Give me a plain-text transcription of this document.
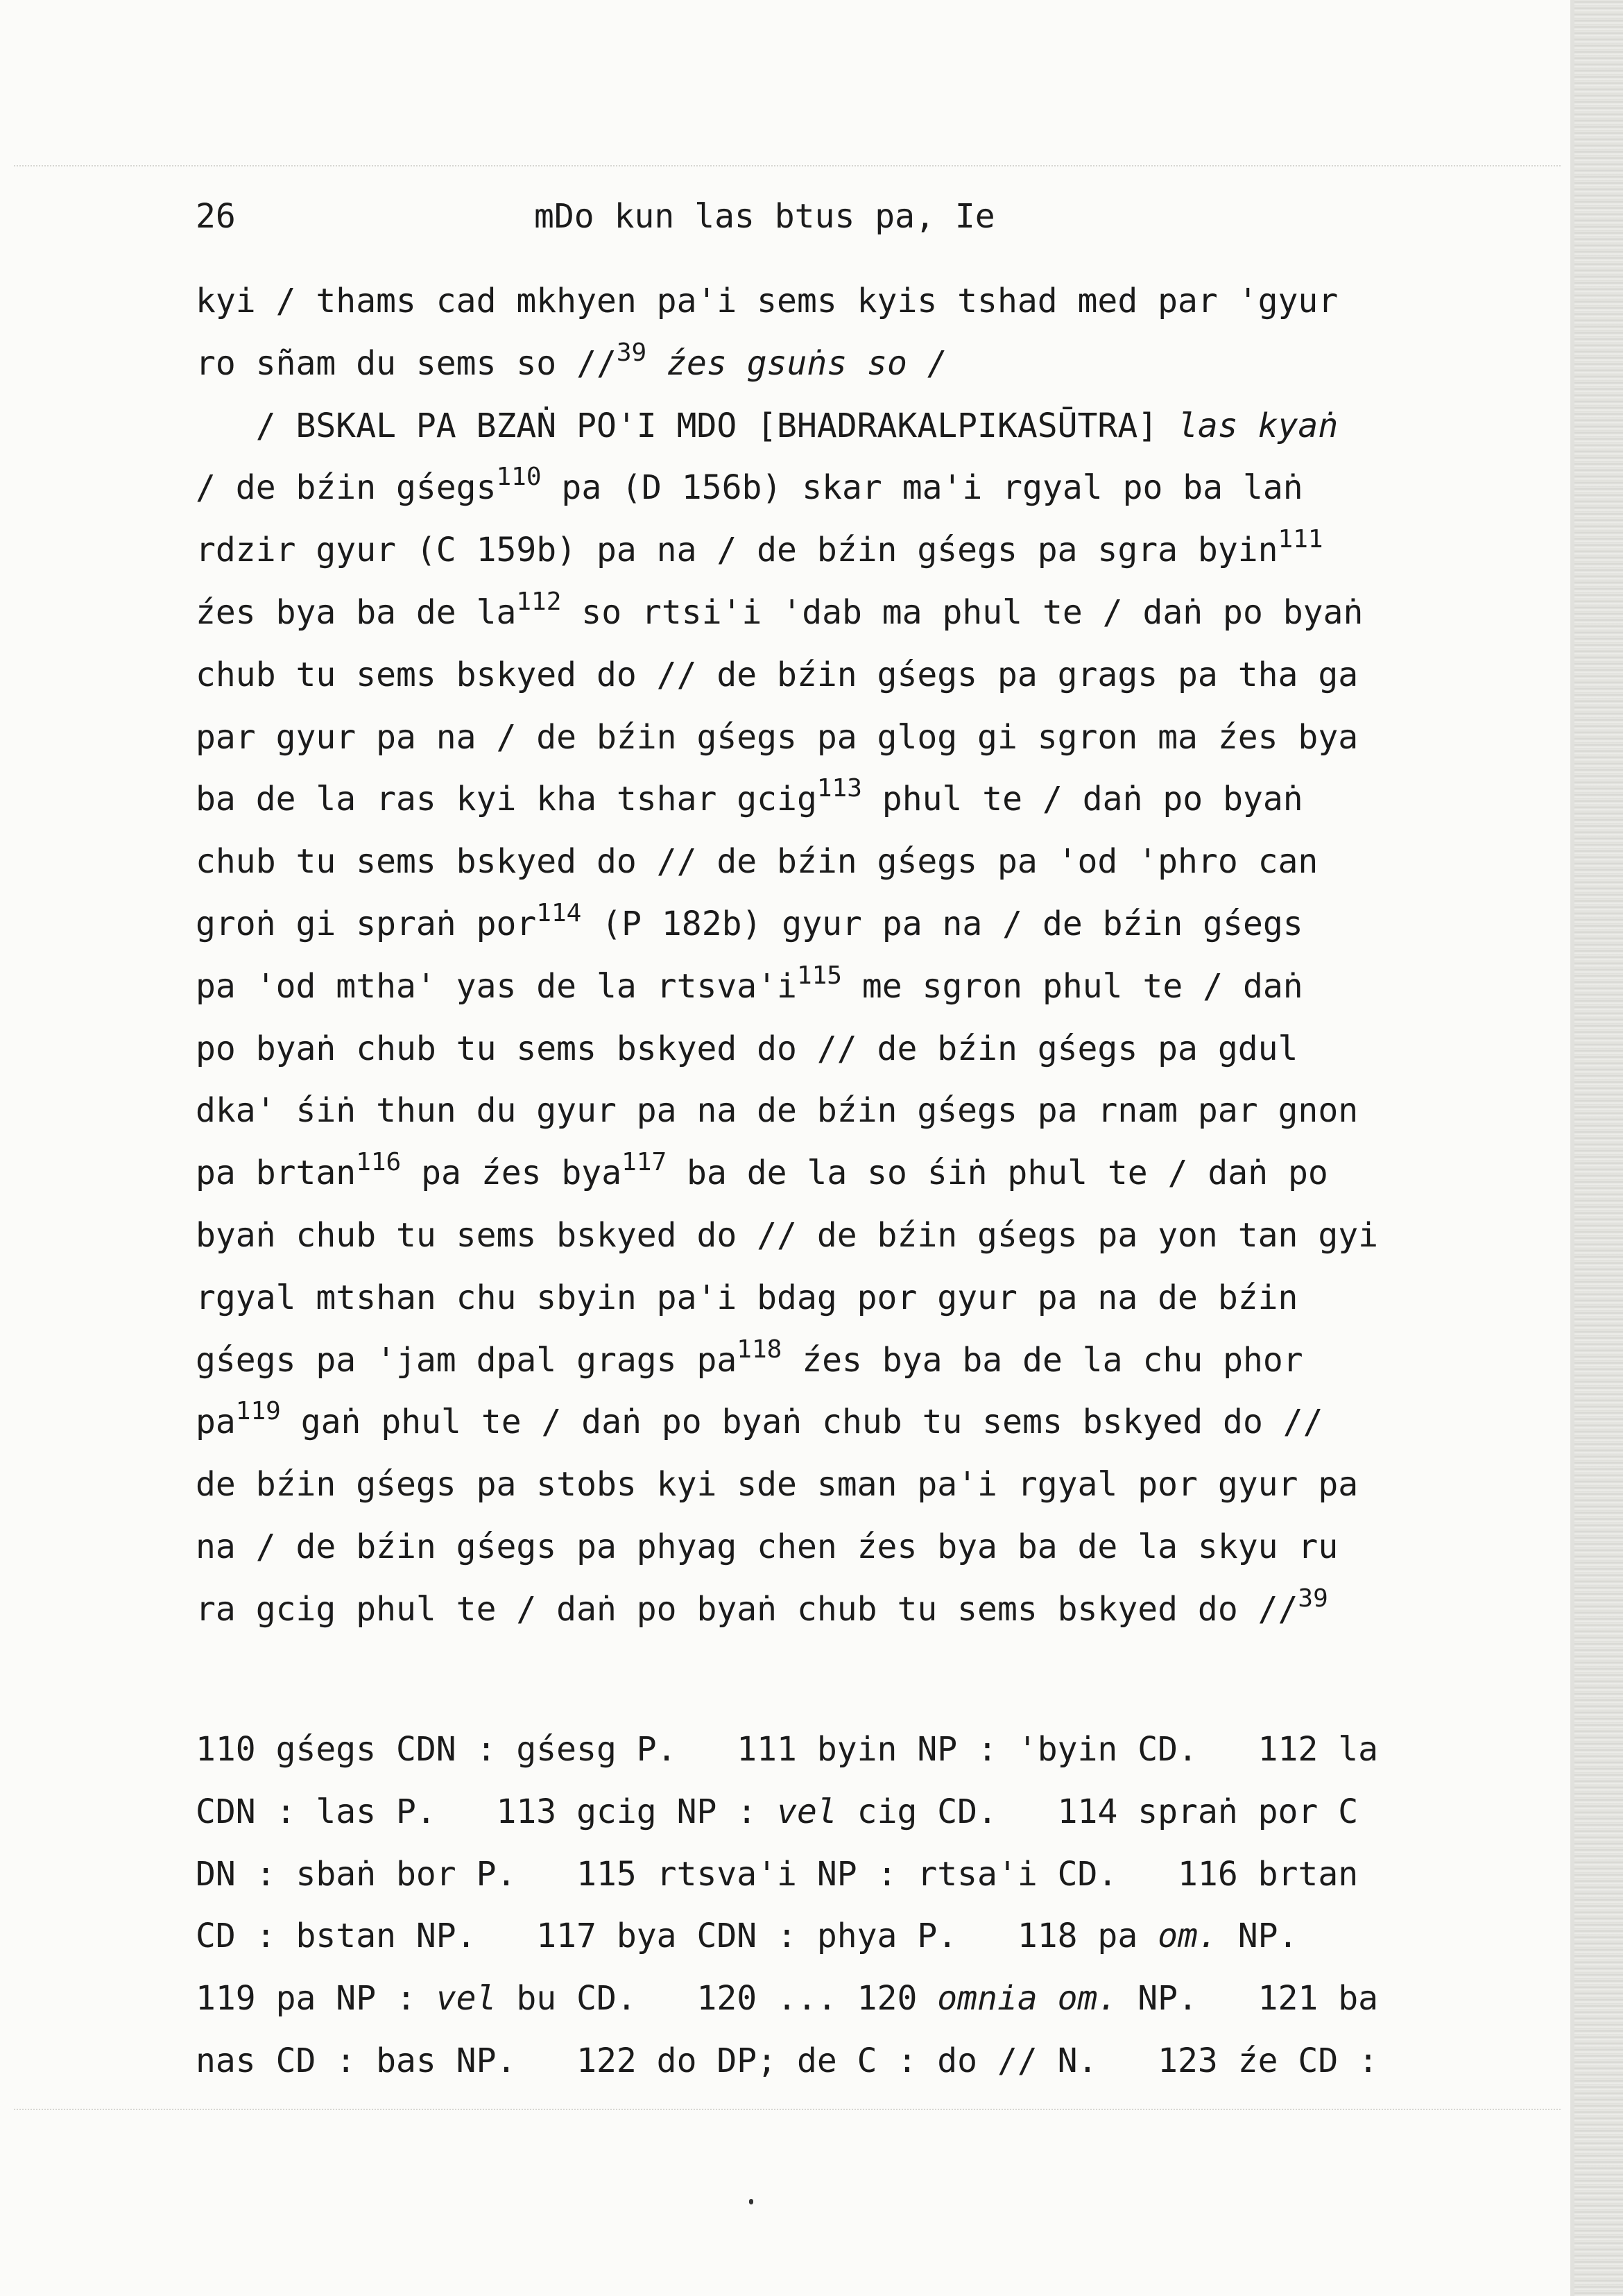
26	mDo kun las btus pa, Ie
kyi / thams cad mkhyen pa'i sems kyis tshad med par 'gyur
ro sñam du sems so //$^{39}$ źes gsuṅs so /
/ BSKAL PA BZAṄ PO'I MDO [BHADRAKALPIKASŪTRA] las kyaṅ
/ de bźin gśegs$^{110}$ pa (D 156b) skar ma'i rgyal po ba laṅ
rdzir gyur (C 159b) pa na / de bźin gśegs pa sgra byin$^{111}$
źes bya ba de $la^{112}$ so rtsi'i 'dab ma phul te / daṅ po byaṅ
chub tu sems bskyed do // de bźin gśegs pa grags pa tha ga
par gyur pa na / de bźin gśegs pa glog gi sgron ma źes bya
ba de la ras kyi kha tshar gcig$^{113}$ phul te / daṅ po byaṅ
chub tu sems bskyed do // de bźin gśegs pa 'od 'phro can
groṅ gi spraṅ por$^{114}$ (P 182b) gyur pa na / de bźin gśegs
pa 'od mtha' yas de la $rtsva'i^{115}$ me sgron phul te / daṅ
po byaṅ chub tu sems bskyed do // de bźin gśegs pa gdul
dka' śiṅ thun du gyur pa na de bźin gśegs pa rnam par gnon
pa brtan$^{116}$ pa źes bya$^{117}$ ba de la so śiṅ phul te / daṅ po
byaṅ chub tu sems bskyed do // de bźin gśegs pa yon tan gyi
rgyal mtshan chu sbyin pa'i bdag por gyur pa na de bźin
gśegs pa 'jam dpal grags $pa^{118}$ źes bya ba de la chu phor
$pa^{119}$ gaṅ phul te / daṅ po byaṅ chub tu sems bskyed do //
de bźin gśegs pa stobs kyi sde sman pa'i rgyal por gyur pa
na / de bźin gśegs pa phyag chen źes bya ba de la skyu ru
ra gcig phul te / daṅ po byaṅ chub tu sems bskyed do //$^{39}$
110 gśegs CDN : gśesg P.   111 byin NP : 'byin CD.   112 la
CDN : las P.   113 gcig NP : vel cig CD.   114 spraṅ por C
DN : sbaṅ bor P.   115 rtsva'i NP : rtsa'i CD.   116 brtan
CD : bstan NP.   117 bya CDN : phya P.   118 pa om. NP.
119 pa NP : vel bu CD.   120 ... 120 omnia om. NP.   121 ba
nas CD : bas NP.   122 do DP; de C : do // N.   123 źe CD :
